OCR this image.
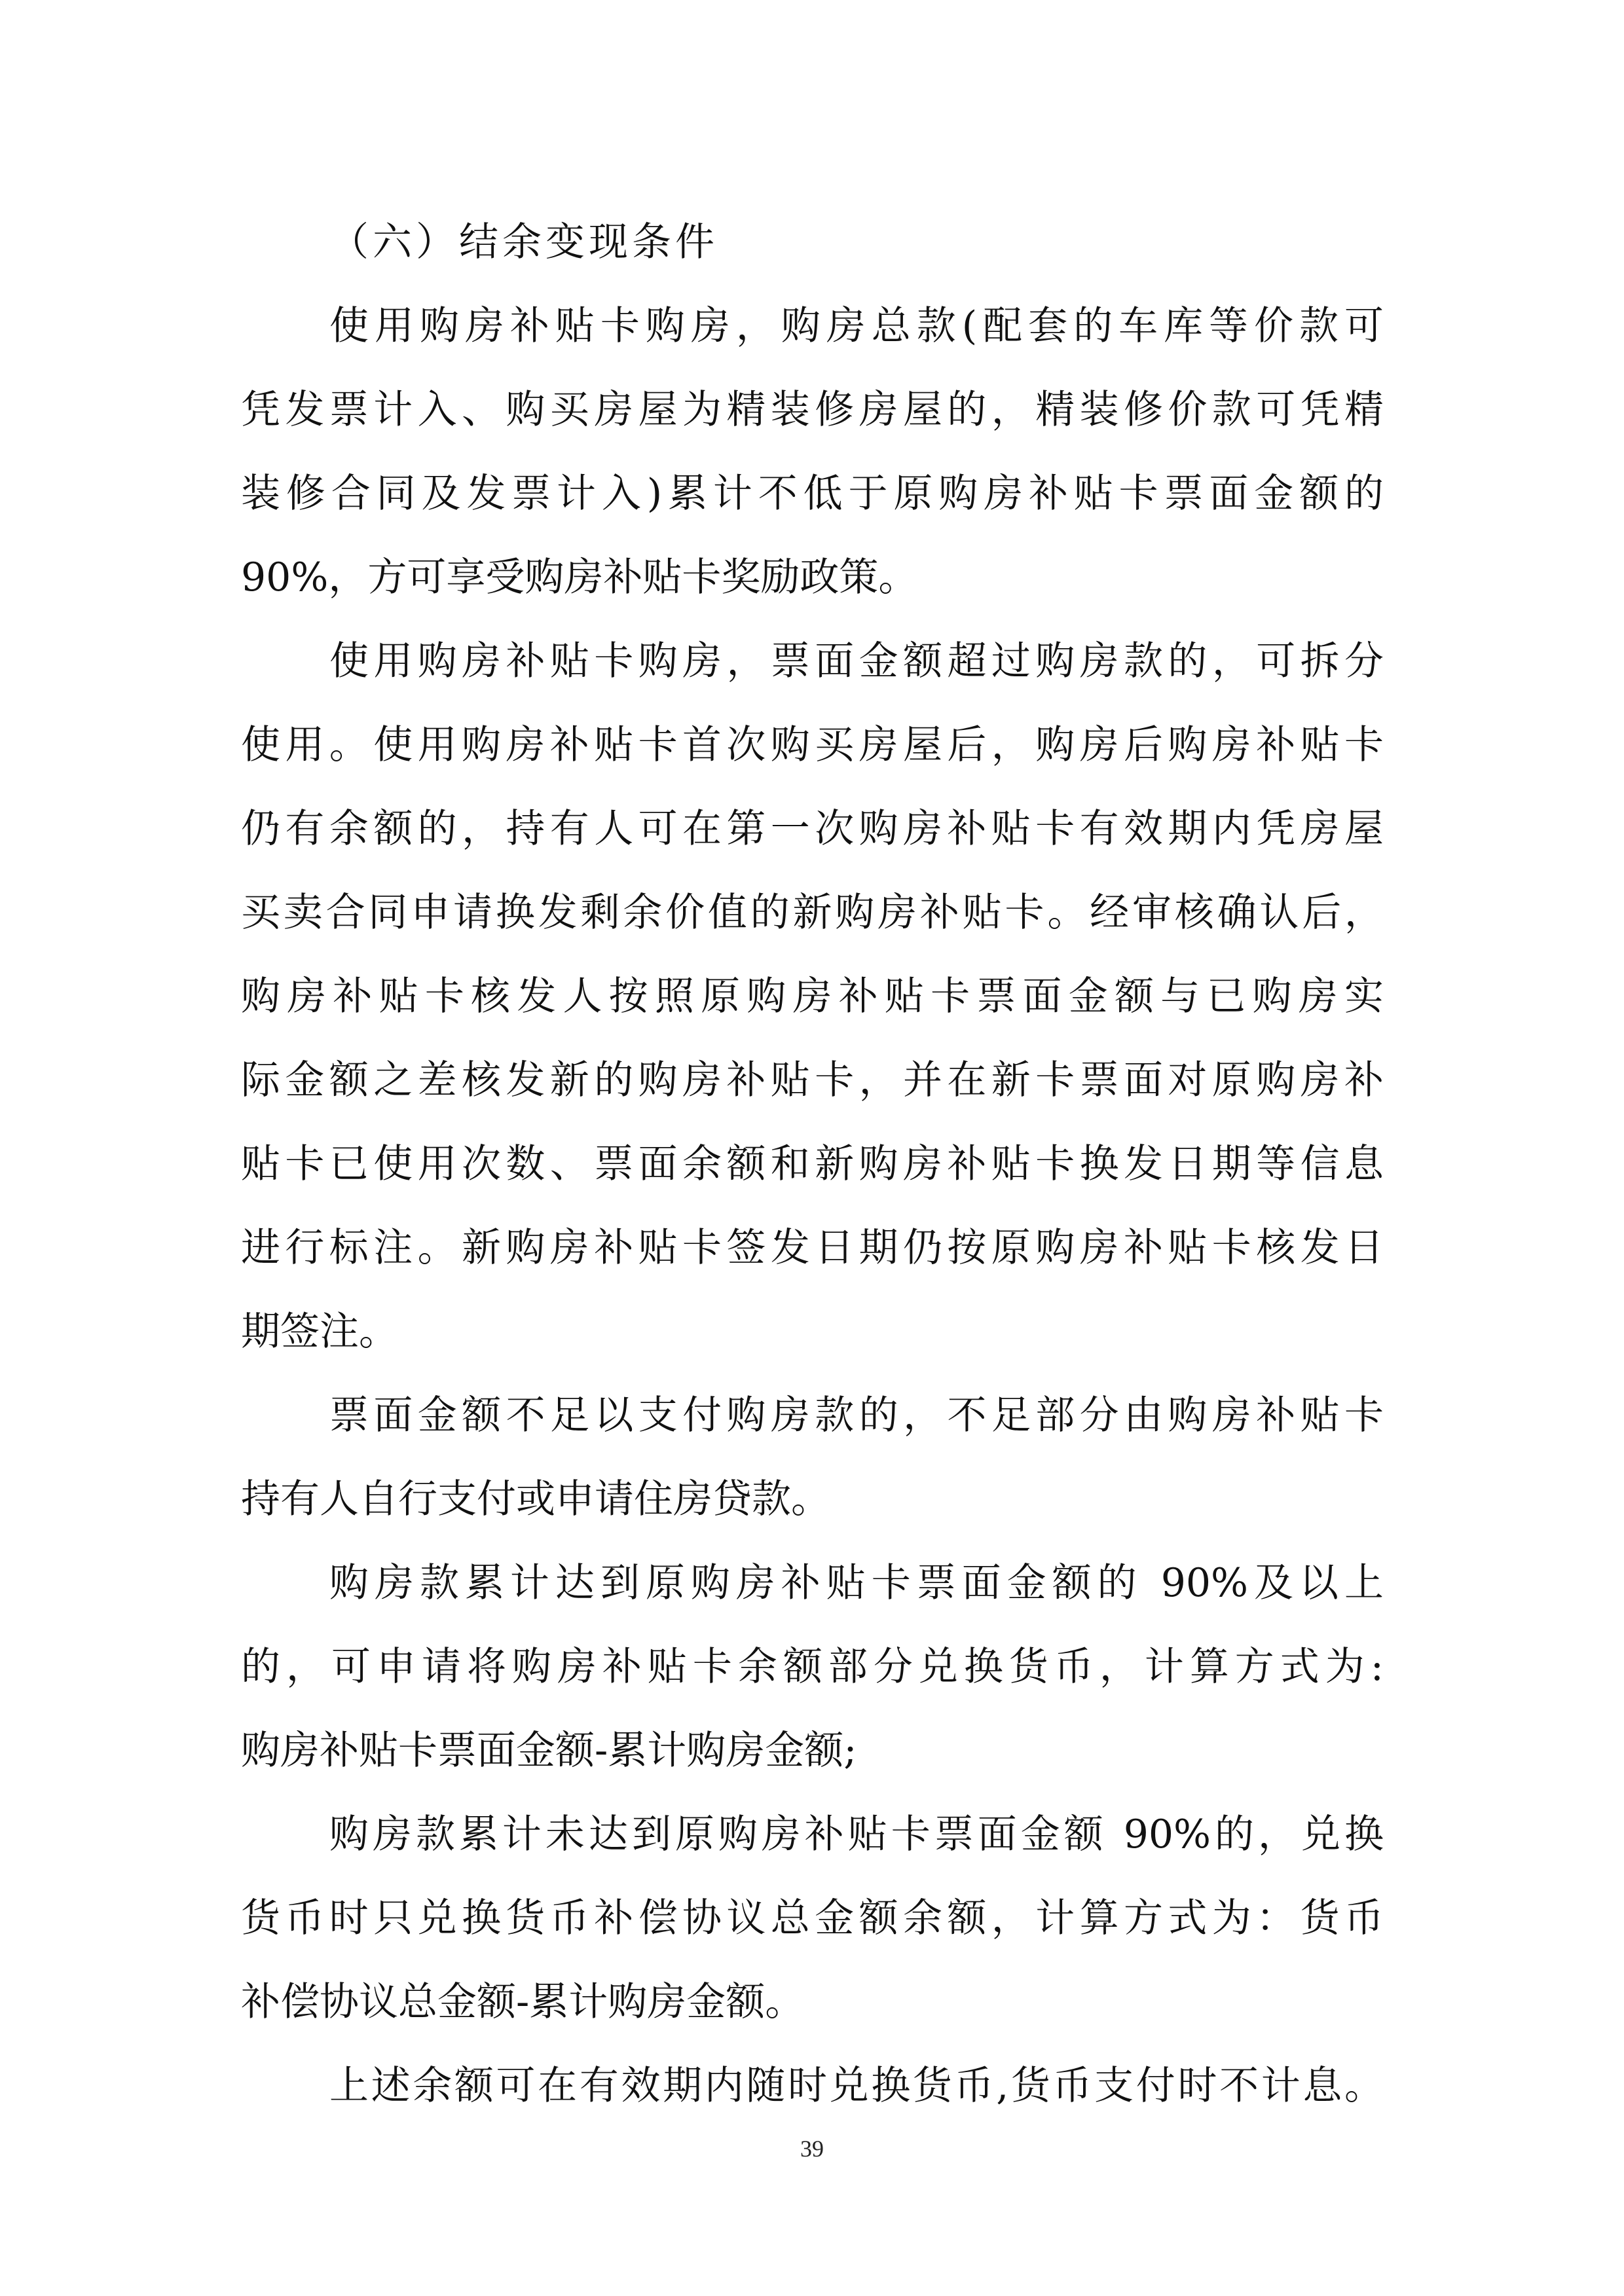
（六）结余变现条件
使用购房补贴卡购房，购房总款(配套的车库等价款可
凭发票计入、购买房屋为精装修房屋的，精装修价款可凭精
装修合同及发票计入)累计不低于原购房补贴卡票面金额的
90%，方可享受购房补贴卡奖励政策。
使用购房补贴卡购房，票面金额超过购房款的，可拆分
使用。使用购房补贴卡首次购买房屋后，购房后购房补贴卡
仍有余额的，持有人可在第一次购房补贴卡有效期内凭房屋
买卖合同申请换发剩余价值的新购房补贴卡。经审核确认后，
购房补贴卡核发人按照原购房补贴卡票面金额与已购房实
际金额之差核发新的购房补贴卡，并在新卡票面对原购房补
贴卡已使用次数、票面余额和新购房补贴卡换发日期等信息
进行标注。新购房补贴卡签发日期仍按原购房补贴卡核发日
期签注。
票面金额不足以支付购房款的，不足部分由购房补贴卡
持有人自行支付或申请住房贷款。
购房款累计达到原购房补贴卡票面金额的 90%及以上
的，可申请将购房补贴卡余额部分兑换货币，计算方式为:
购房补贴卡票面金额-累计购房金额;
购房款累计未达到原购房补贴卡票面金额 90%的，兑换
货币时只兑换货币补偿协议总金额余额，计算方式为：货币
补偿协议总金额-累计购房金额。
上述余额可在有效期内随时兑换货币,货币支付时不计息。
39
